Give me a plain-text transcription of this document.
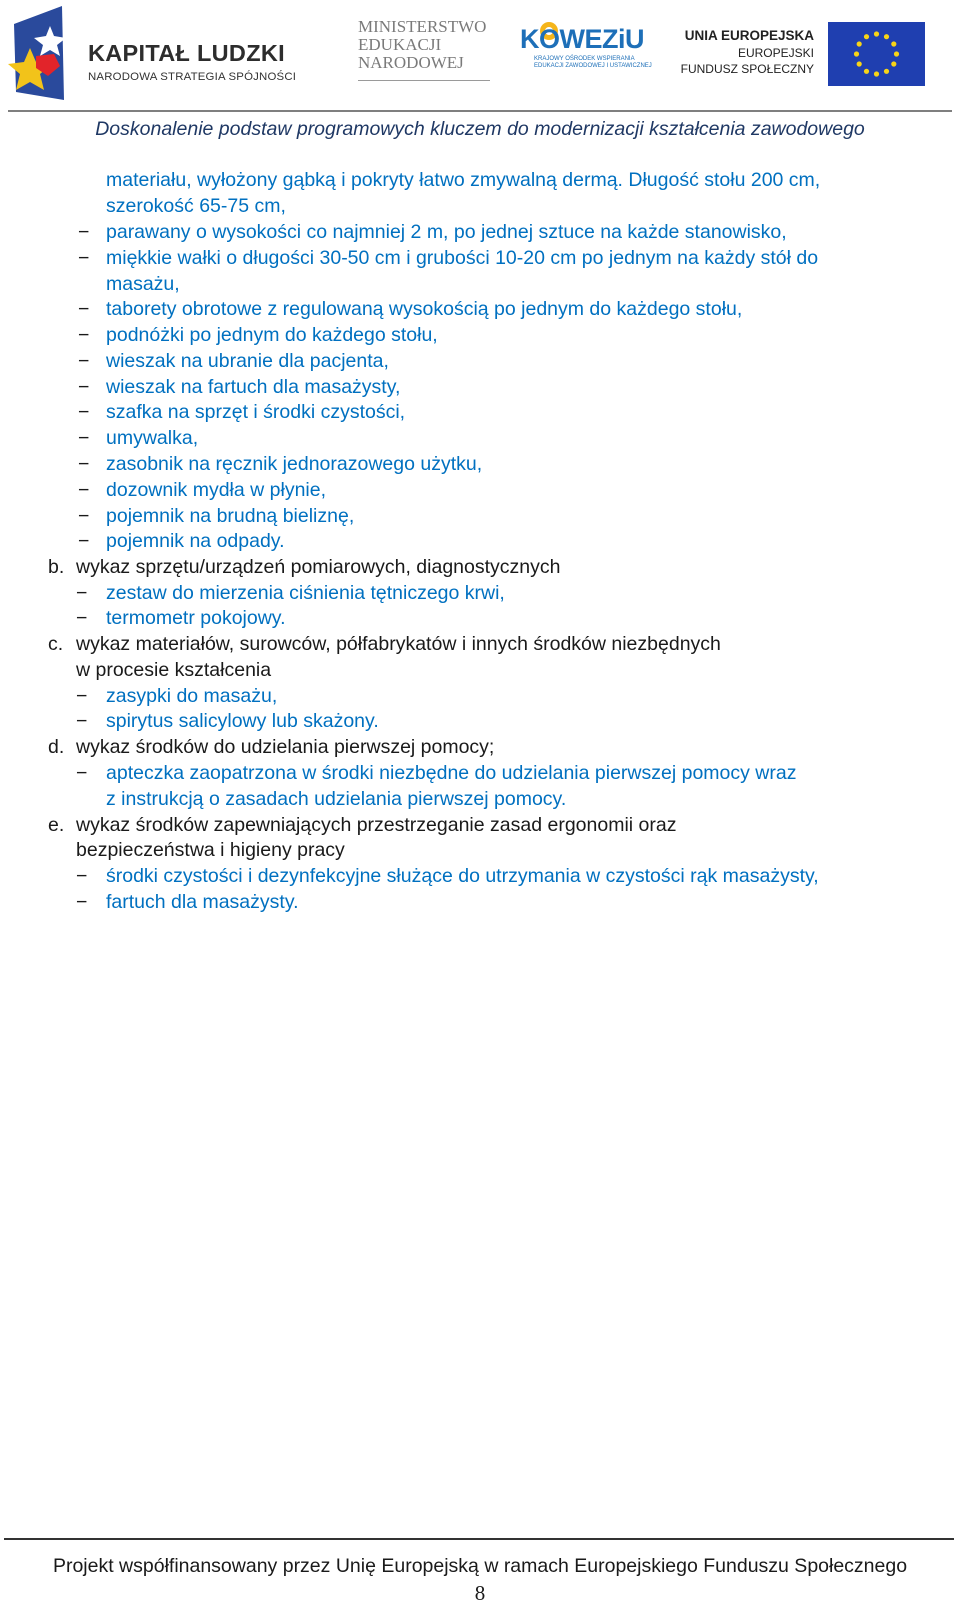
KAPITAŁ LUDZKI
NARODOWA STRATEGIA SPÓJNOŚCI
MINISTERSTWO
EDUKACJI
NARODOWEJ
KOWEZiU
KRAJOWY OŚRODEK WSPIERANIA
EDUKACJI ZAWODOWEJ I USTAWICZNEJ
UNIA EUROPEJSKA
EUROPEJSKI
FUNDUSZ SPOŁECZNY
Doskonalenie podstaw programowych kluczem do modernizacji kształcenia zawodowego
materiału, wyłożony gąbką i pokryty łatwo zmywalną dermą. Długość stołu 200 cm,
szerokość 65-75 cm,
− parawany o wysokości co najmniej 2 m, po jednej sztuce na każde stanowisko,
− miękkie wałki o długości 30-50 cm i grubości 10-20 cm po jednym na każdy stół do
masażu,
− taborety obrotowe z regulowaną wysokością po jednym do każdego stołu,
− podnóżki po jednym do każdego stołu,
− wieszak na ubranie dla pacjenta,
− wieszak na fartuch dla masażysty,
− szafka na sprzęt i środki czystości,
− umywalka,
− zasobnik na ręcznik jednorazowego użytku,
− dozownik mydła w płynie,
− pojemnik na brudną bieliznę,
− pojemnik na odpady.
b. wykaz sprzętu/urządzeń pomiarowych, diagnostycznych
− zestaw do mierzenia ciśnienia tętniczego krwi,
− termometr pokojowy.
c. wykaz materiałów, surowców, półfabrykatów i innych środków niezbędnych
w procesie kształcenia
− zasypki do masażu,
− spirytus salicylowy lub skażony.
d. wykaz środków do udzielania pierwszej pomocy;
− apteczka zaopatrzona w środki niezbędne do udzielania pierwszej pomocy wraz
z instrukcją o zasadach udzielania pierwszej pomocy.
e. wykaz środków zapewniających przestrzeganie zasad ergonomii oraz
bezpieczeństwa i higieny pracy
− środki czystości i dezynfekcyjne służące do utrzymania w czystości rąk masażysty,
− fartuch dla masażysty.
Projekt współfinansowany przez Unię Europejską w ramach Europejskiego Funduszu Społecznego
8
